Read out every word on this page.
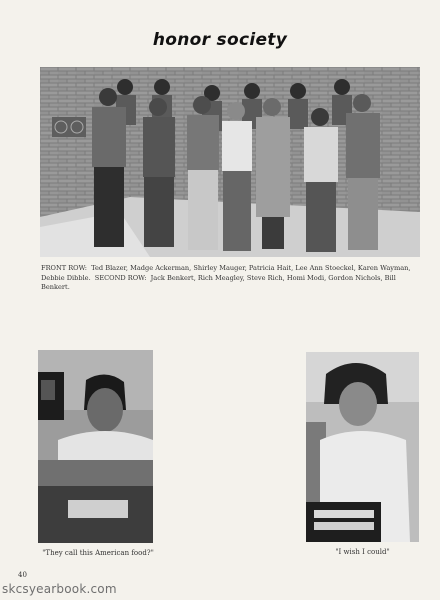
honor society
FRONT ROW: Ted Blazer, Madge Ackerman, Shirley Mauger, Patricia Hait, Lee Ann Stoeckel, Karen Wayman, Debbie Dibble. SECOND ROW: Jack Benkert, Rich Meagley, Steve Rich, Homi Modi, Gordon Nichols, Bill Benkert.
"They call this American food?"	"I wish I could"
40
skcsyearbook.com
